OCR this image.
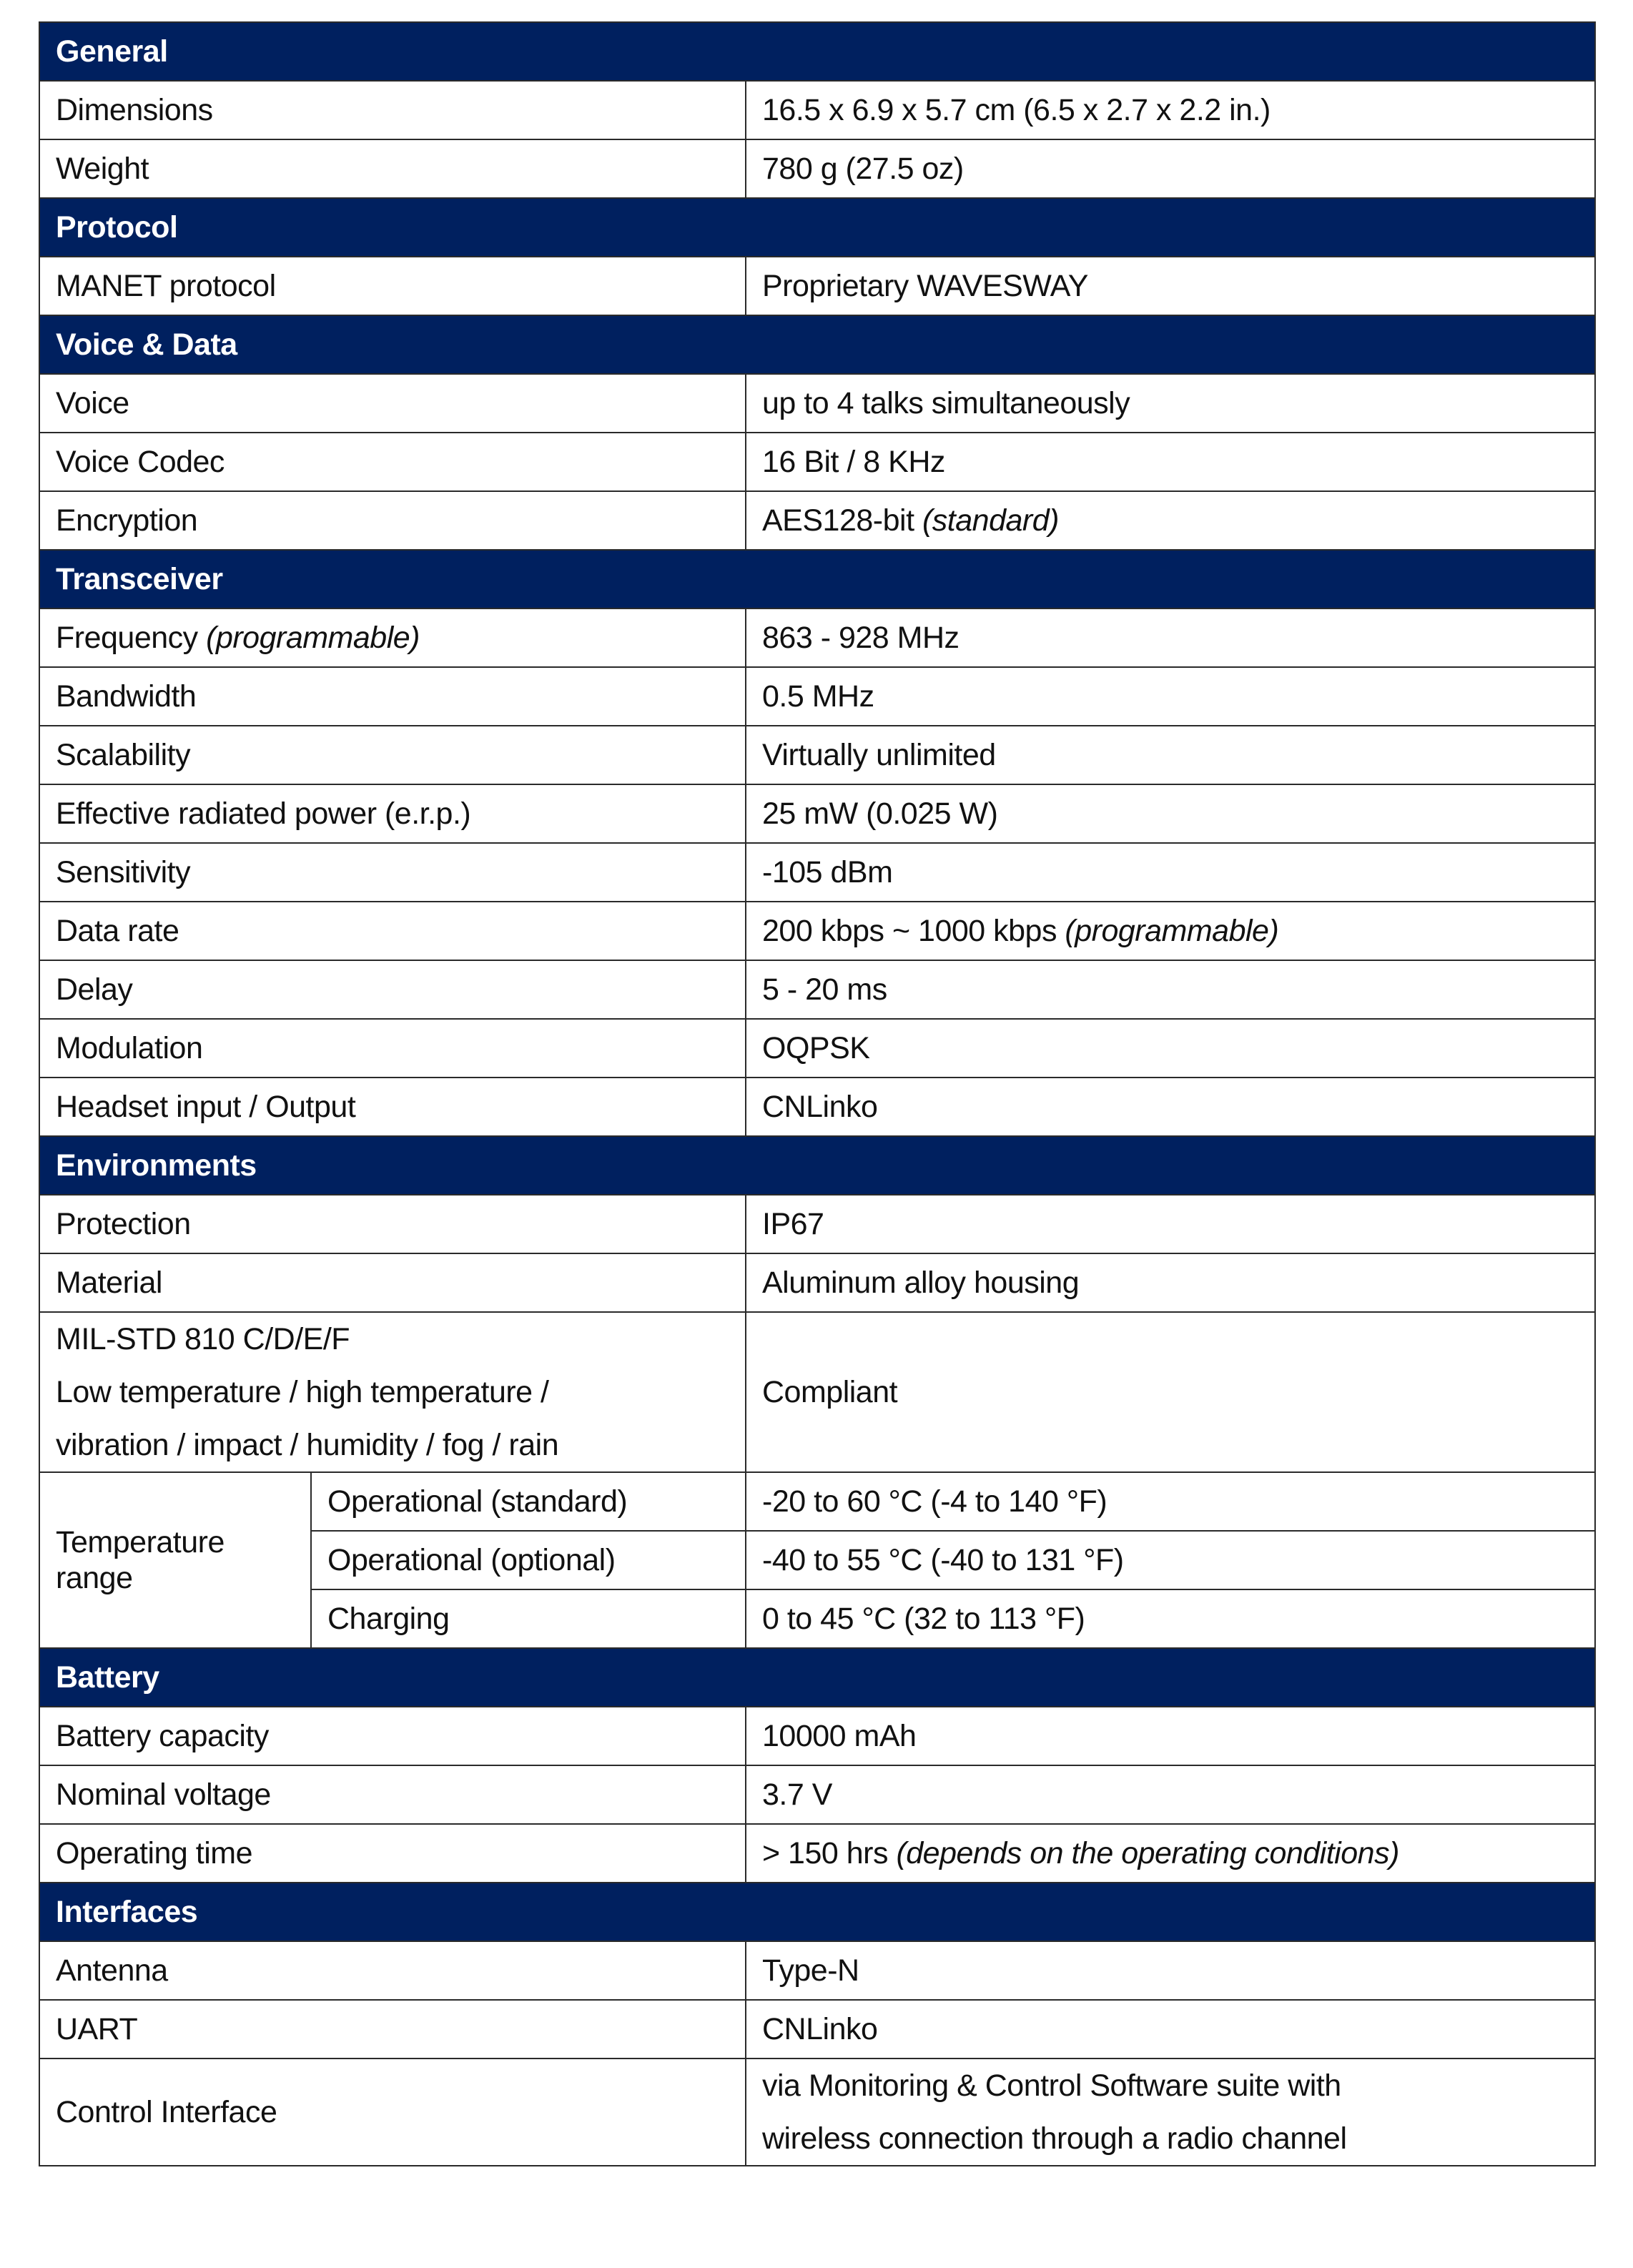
General		
Dimensions		16.5 x 6.9 x 5.7 cm (6.5 x 2.7 x 2.2 in.)
Weight		780 g (27.5 oz)
Protocol		
MANET protocol		Proprietary WAVESWAY
Voice & Data		
Voice		up to 4 talks simultaneously
Voice Codec		16 Bit / 8 KHz
Encryption		AES128-bit (standard)
Transceiver		
Frequency (programmable)		863 - 928 MHz
Bandwidth		0.5 MHz
Scalability		Virtually unlimited
Effective radiated power (e.r.p.)		25 mW (0.025 W)
Sensitivity		-105 dBm
Data rate		200 kbps ~ 1000 kbps (programmable)
Delay		5 - 20 ms
Modulation		OQPSK
Headset input / Output		CNLinko
Environments		
Protection		IP67
Material		Aluminum alloy housing

MIL-STD 810 C/D/E/F
Low temperature / high temperature /
vibration / impact / humidity / fog / rain		Compliant
Temperature range	Operational (standard)	-20 to 60 °C (-4 to 140 °F)
	Operational (optional)	-40 to 55 °C (-40 to 131 °F)
	Charging	0 to 45 °C (32 to 113 °F)
Battery		
Battery capacity		10000 mAh
Nominal voltage		3.7 V
Operating time		> 150 hrs (depends on the operating conditions)
Interfaces		
Antenna		Type-N
UART		CNLinko
Control Interface		via Monitoring & Control Software suite with
wireless connection through a radio channel
